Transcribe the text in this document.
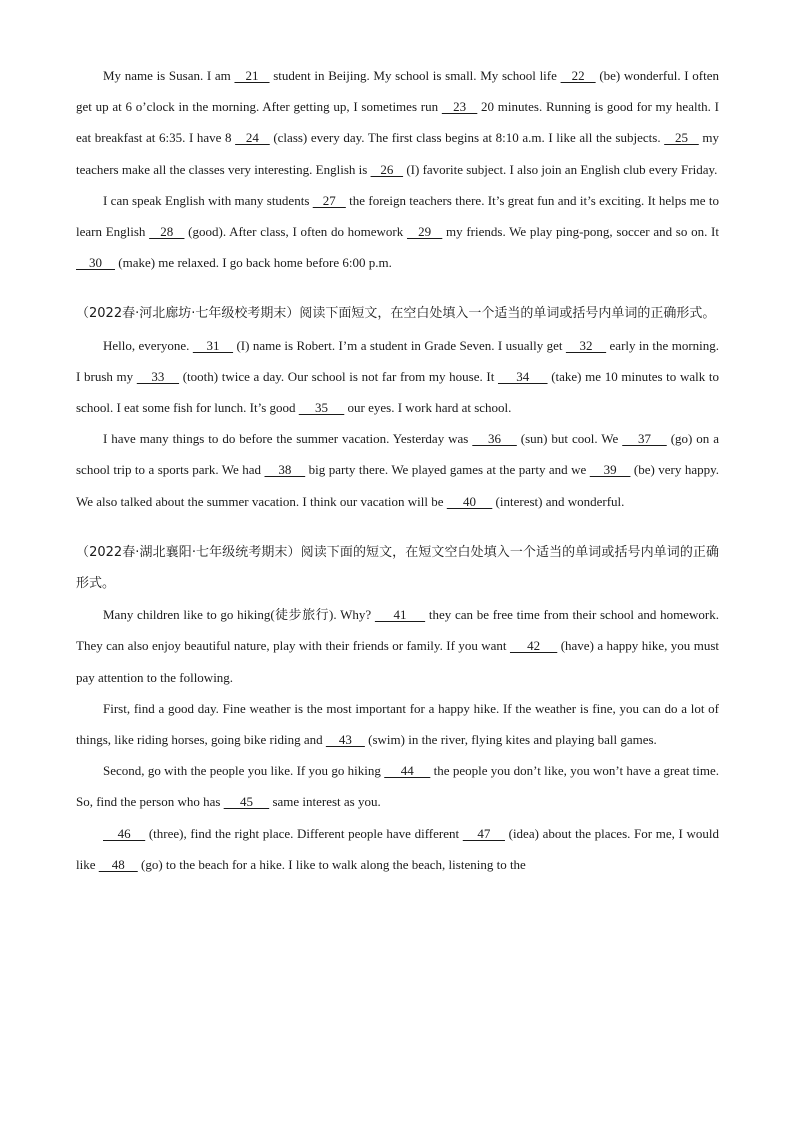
My name is Susan. I am    21    student in Beijing. My school is small. My school life    22    (be) wonderful. I often get up at 6 o’clock in the morning. After getting up, I sometimes run    23    20 minutes. Running is good for my health. I eat breakfast at 6:35. I have 8    24    (class) every day. The first class begins at 8:10 a.m. I like all the subjects.    25    my teachers make all the classes very interesting. English is    26    (I) favorite subject. I also join an English club every Friday.

I can speak English with many students    27    the foreign teachers there. It’s great fun and it’s exciting. It helps me to learn English    28    (good). After class, I often do homework    29    my friends. We play ping-pong, soccer and so on. It     30     (make) me relaxed. I go back home before 6:00 p.m.

（2022春·河北廊坊·七年级校考期末）阅读下面短文，在空白处填入一个适当的单词或括号内单词的正确形式。

Hello, everyone.     31     (I) name is Robert. I’m a student in Grade Seven. I usually get     32     early in the morning. I brush my     33     (tooth) twice a day. Our school is not far from my house. It      34      (take) me 10 minutes to walk to school. I eat some fish for lunch. It’s good      35      our eyes. I work hard at school.

I have many things to do before the summer vacation. Yesterday was     36     (sun) but cool. We     37     (go) on a school trip to a sports park. We had     38     big party there. We played games at the party and we     39     (be) very happy. We also talked about the summer vacation. I think our vacation will be      40      (interest) and wonderful.

（2022春·湖北襄阳·七年级统考期末）阅读下面的短文，在短文空白处填入一个适当的单词或括号内单词的正确形式。

Many children like to go hiking(徒步旅行). Why?      41      they can be free time from their school and homework. They can also enjoy beautiful nature, play with their friends or family. If you want      42      (have) a happy hike, you must pay attention to the following.

First, find a good day. Fine weather is the most important for a happy hike. If the weather is fine, you can do a lot of things, like riding horses, going bike riding and     43     (swim) in the river, flying kites and playing ball games.

Second, go with the people you like. If you go hiking      44      the people you don’t like, you won’t have a great time. So, find the person who has      45      same interest as you.

46     (three), find the right place. Different people have different     47     (idea) about the places. For me, I would like     48     (go) to the beach for a hike. I like to walk along the beach, listening to the
